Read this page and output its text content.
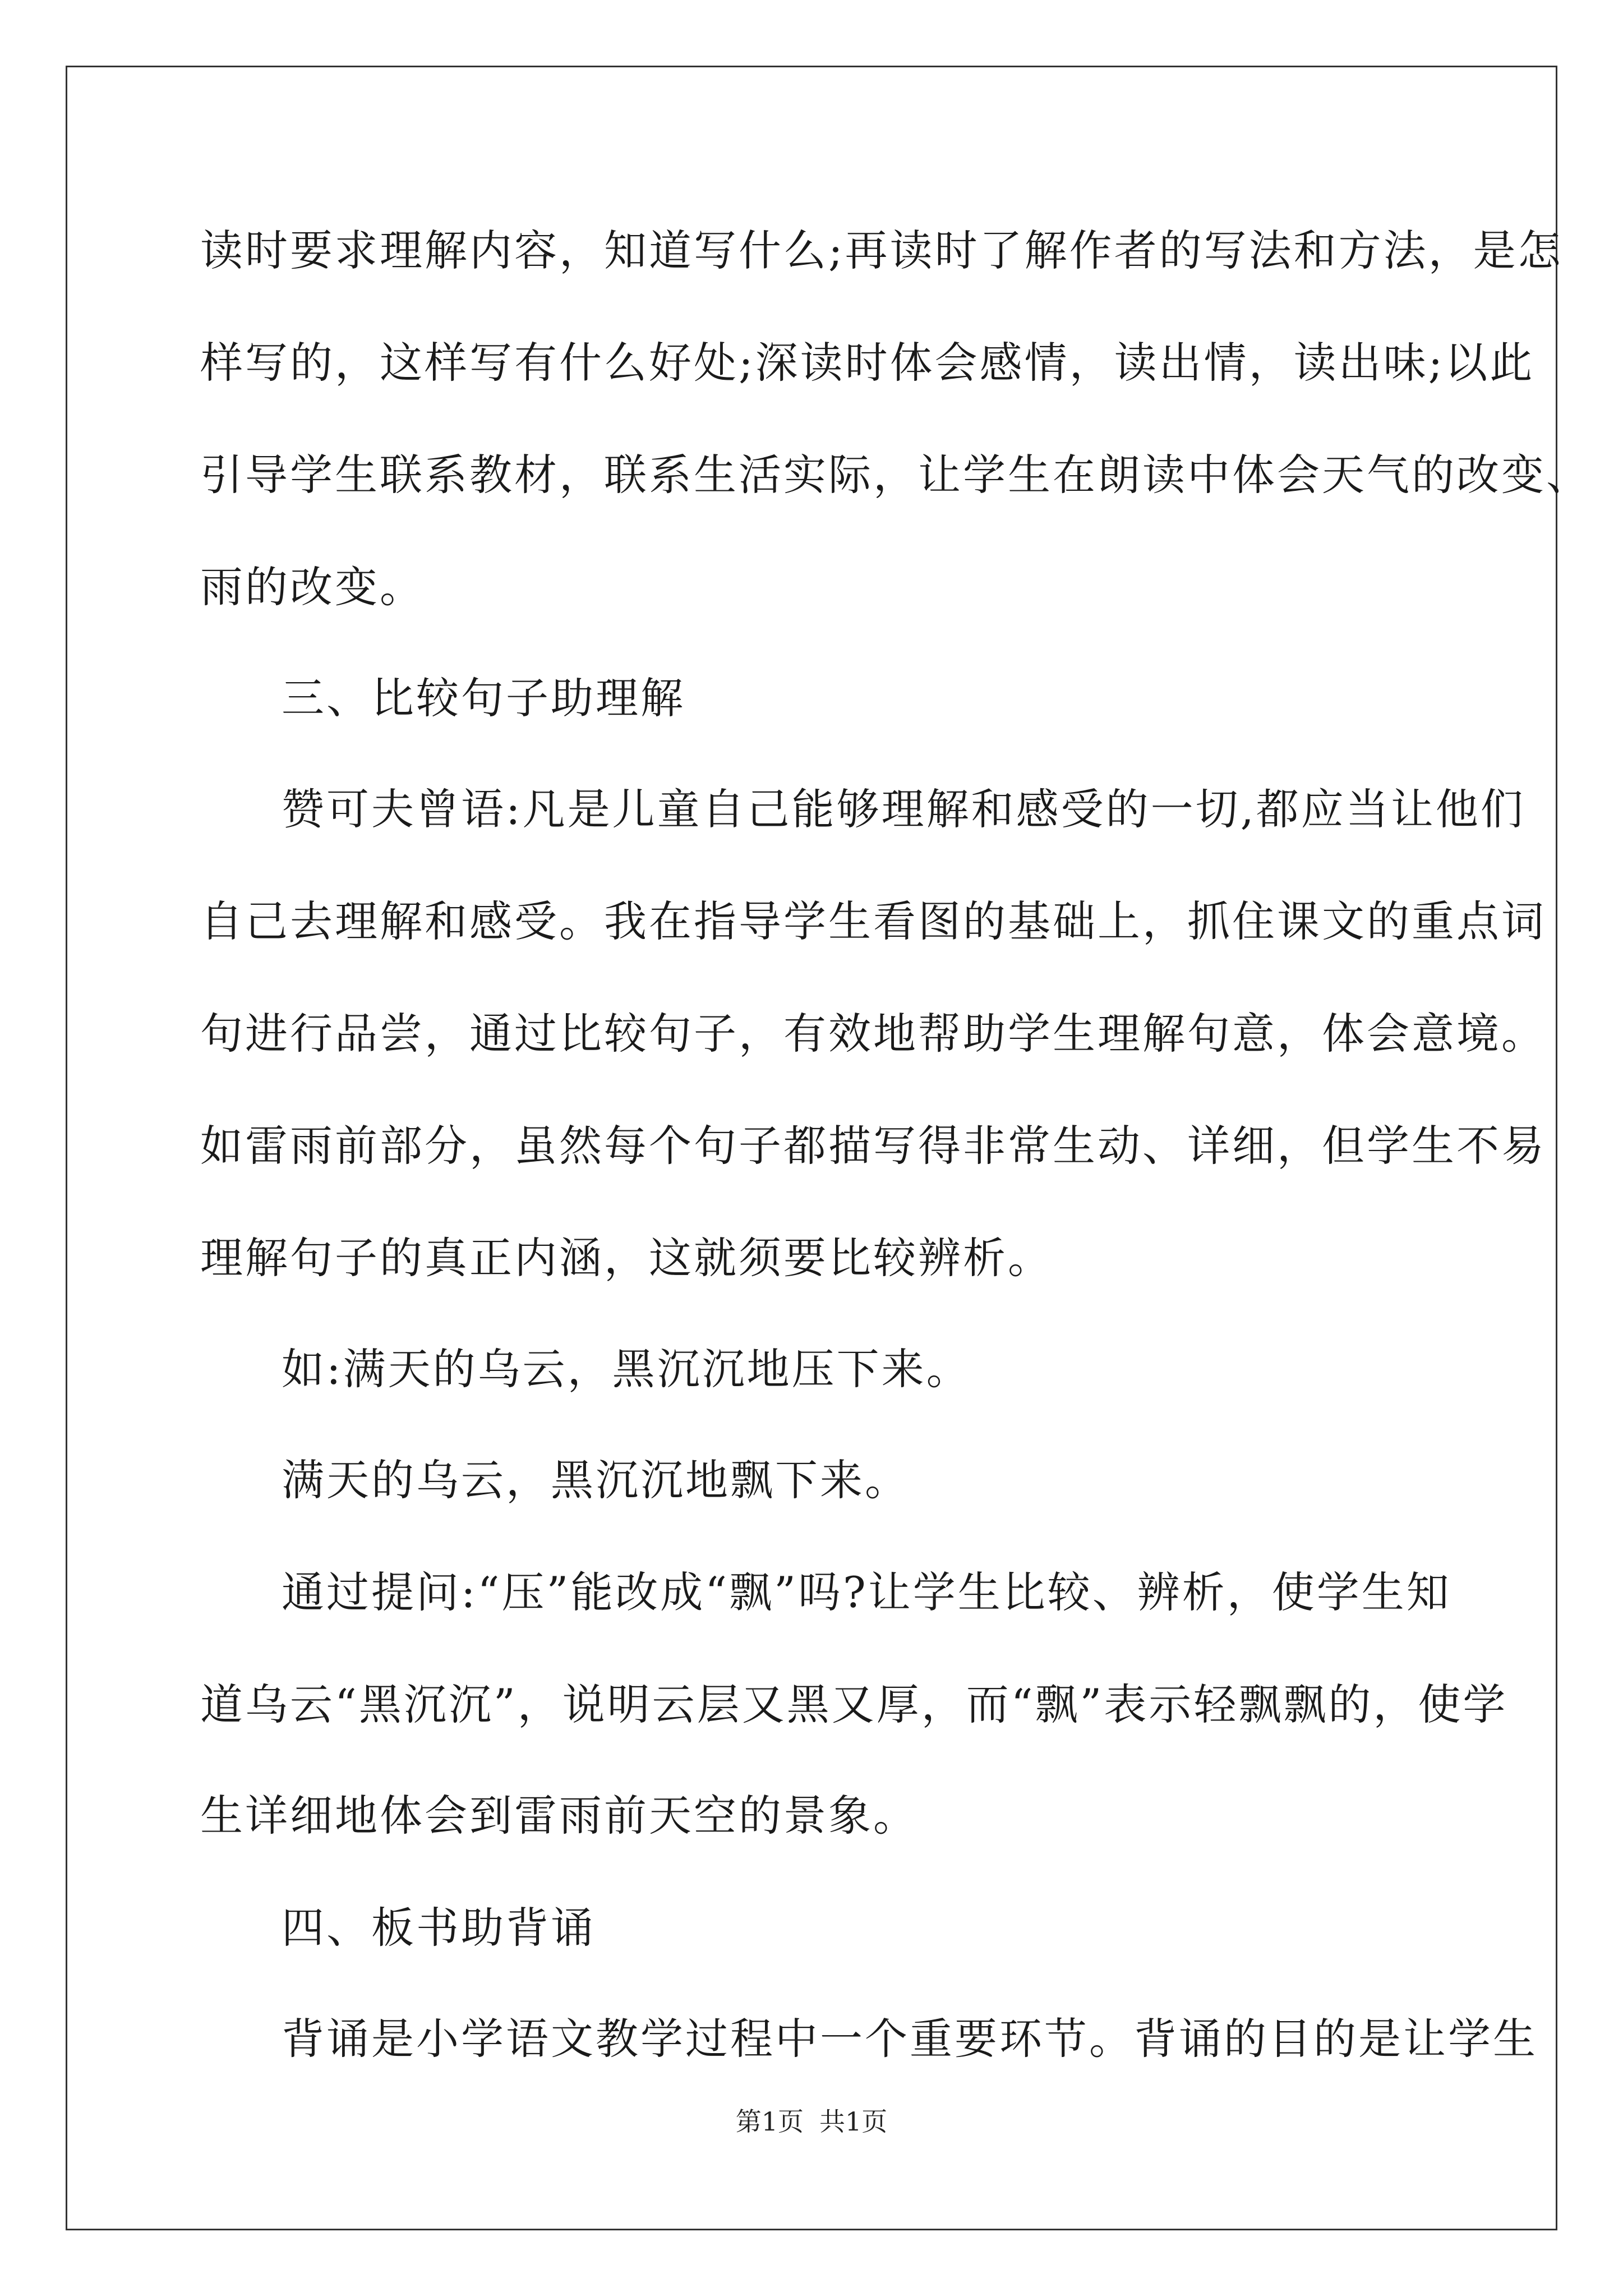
读时要求理解内容，知道写什么;再读时了解作者的写法和方法，是怎
样写的，这样写有什么好处;深读时体会感情，读出情，读出味;以此
引导学生联系教材，联系生活实际，让学生在朗读中体会天气的改变、
雨的改变。
三、比较句子助理解
赞可夫曾语:凡是儿童自己能够理解和感受的一切,都应当让他们
自己去理解和感受。我在指导学生看图的基础上，抓住课文的重点词
句进行品尝，通过比较句子，有效地帮助学生理解句意，体会意境。
如雷雨前部分，虽然每个句子都描写得非常生动、详细，但学生不易
理解句子的真正内涵，这就须要比较辨析。
如:满天的乌云，黑沉沉地压下来。
满天的乌云，黑沉沉地飘下来。
通过提问:“压”能改成“飘”吗?让学生比较、辨析，使学生知
道乌云“黑沉沉”，说明云层又黑又厚，而“飘”表示轻飘飘的，使学
生详细地体会到雷雨前天空的景象。
四、板书助背诵
背诵是小学语文教学过程中一个重要环节。背诵的目的是让学生
第1页 共1页
